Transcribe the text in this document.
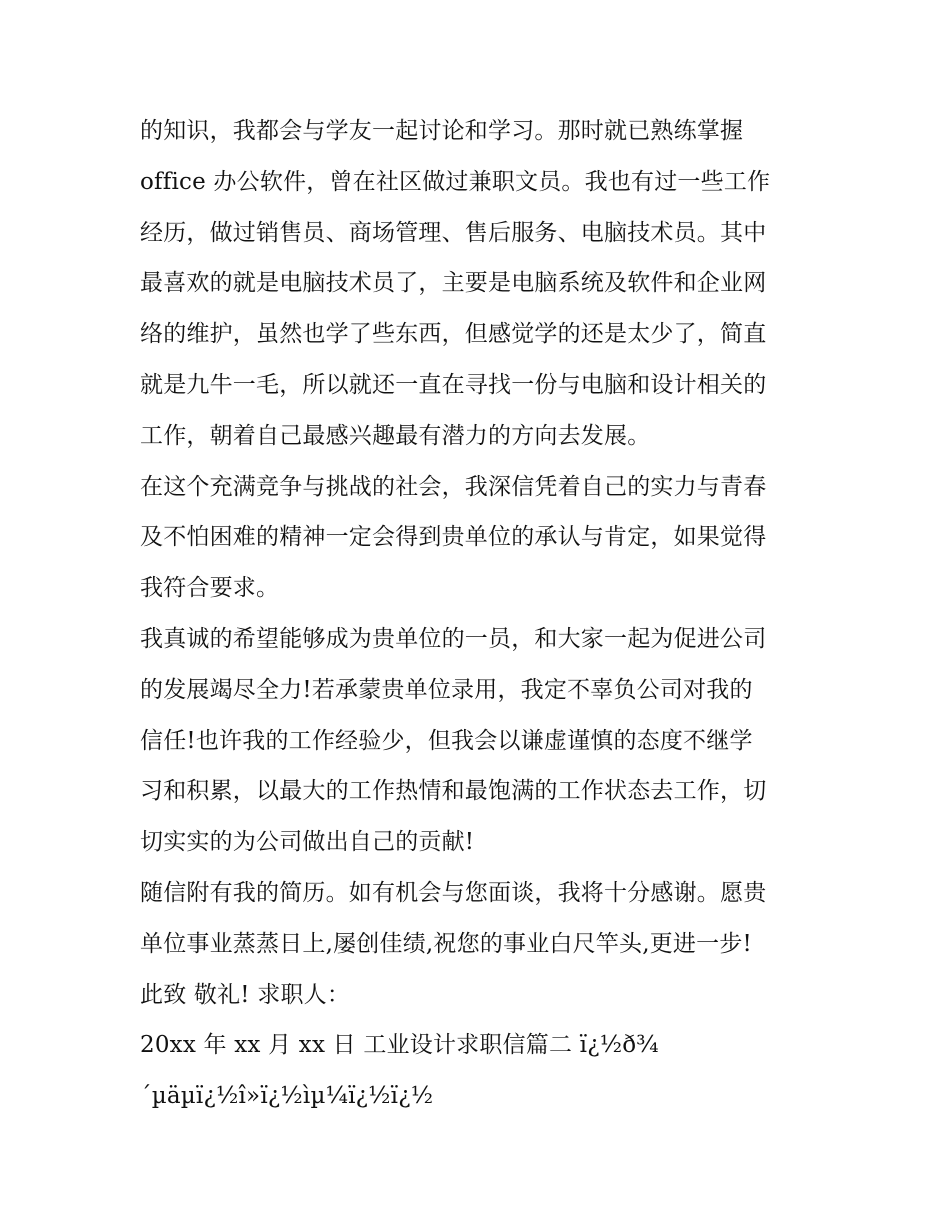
的知识，我都会与学友一起讨论和学习。那时就已熟练掌握
office 办公软件，曾在社区做过兼职文员。我也有过一些工作
经历，做过销售员、商场管理、售后服务、电脑技术员。其中
最喜欢的就是电脑技术员了，主要是电脑系统及软件和企业网
络的维护，虽然也学了些东西，但感觉学的还是太少了，简直
就是九牛一毛，所以就还一直在寻找一份与电脑和设计相关的
工作，朝着自己最感兴趣最有潜力的方向去发展。
在这个充满竞争与挑战的社会，我深信凭着自己的实力与青春
及不怕困难的精神一定会得到贵单位的承认与肯定，如果觉得
我符合要求。
我真诚的希望能够成为贵单位的一员，和大家一起为促进公司
的发展竭尽全力!若承蒙贵单位录用，我定不辜负公司对我的
信任!也许我的工作经验少，但我会以谦虚谨慎的态度不继学
习和积累，以最大的工作热情和最饱满的工作状态去工作，切
切实实的为公司做出自己的贡献!
随信附有我的简历。如有机会与您面谈，我将十分感谢。愿贵
单位事业蒸蒸日上,屡创佳绩,祝您的事业白尺竿头,更进一步!
此致 敬礼! 求职人：
20xx 年 xx 月 xx 日 工业设计求职信篇二 ï¿½ð¾
´µäµï¿½î»ï¿½ìµ¼ï¿½ï¿½
